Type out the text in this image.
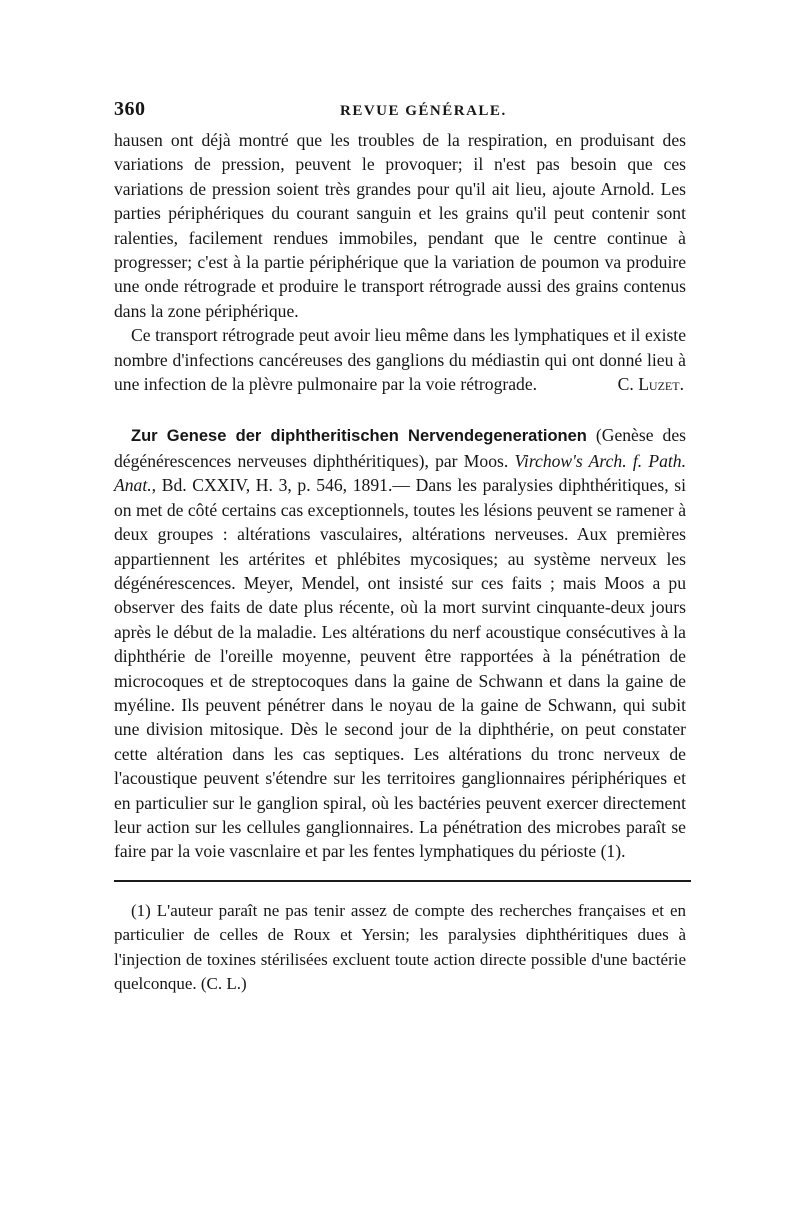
360	REVUE GÉNÉRALE.

hausen ont déjà montré que les troubles de la respiration, en produisant des variations de pression, peuvent le provoquer; il n'est pas besoin que ces variations de pression soient très grandes pour qu'il ait lieu, ajoute Arnold. Les parties périphériques du courant sanguin et les grains qu'il peut contenir sont ralenties, facilement rendues immobiles, pendant que le centre continue à progresser; c'est à la partie périphérique que la variation de poumon va produire une onde rétrograde et produire le transport rétrograde aussi des grains contenus dans la zone périphérique.

Ce transport rétrograde peut avoir lieu même dans les lymphatiques et il existe nombre d'infections cancéreuses des ganglions du médiastin qui ont donné lieu à une infection de la plèvre pulmonaire par la voie rétrograde.	C. Luzet.

Zur Genese der diphtheritischen Nervendegenerationen (Genèse des dégénérescences nerveuses diphthéritiques), par Moos. Virchow's Arch. f. Path. Anat., Bd. CXXIV, H. 3, p. 546, 1891.— Dans les paralysies diphthéritiques, si on met de côté certains cas exceptionnels, toutes les lésions peuvent se ramener à deux groupes : altérations vasculaires, altérations nerveuses. Aux premières appartiennent les artérites et phlébites mycosiques; au système nerveux les dégénérescences. Meyer, Mendel, ont insisté sur ces faits ; mais Moos a pu observer des faits de date plus récente, où la mort survint cinquante-deux jours après le début de la maladie. Les altérations du nerf acoustique consécutives à la diphthérie de l'oreille moyenne, peuvent être rapportées à la pénétration de microcoques et de streptocoques dans la gaine de Schwann et dans la gaine de myéline. Ils peuvent pénétrer dans le noyau de la gaine de Schwann, qui subit une division mitosique. Dès le second jour de la diphthérie, on peut constater cette altération dans les cas septiques. Les altérations du tronc nerveux de l'acoustique peuvent s'étendre sur les territoires ganglionnaires périphériques et en particulier sur le ganglion spiral, où les bactéries peuvent exercer directement leur action sur les cellules ganglionnaires. La pénétration des microbes paraît se faire par la voie vascnlaire et par les fentes lymphatiques du périoste (1).

(1) L'auteur paraît ne pas tenir assez de compte des recherches françaises et en particulier de celles de Roux et Yersin; les paralysies diphthéritiques dues à l'injection de toxines stérilisées excluent toute action directe possible d'une bactérie quelconque. (C. L.)
